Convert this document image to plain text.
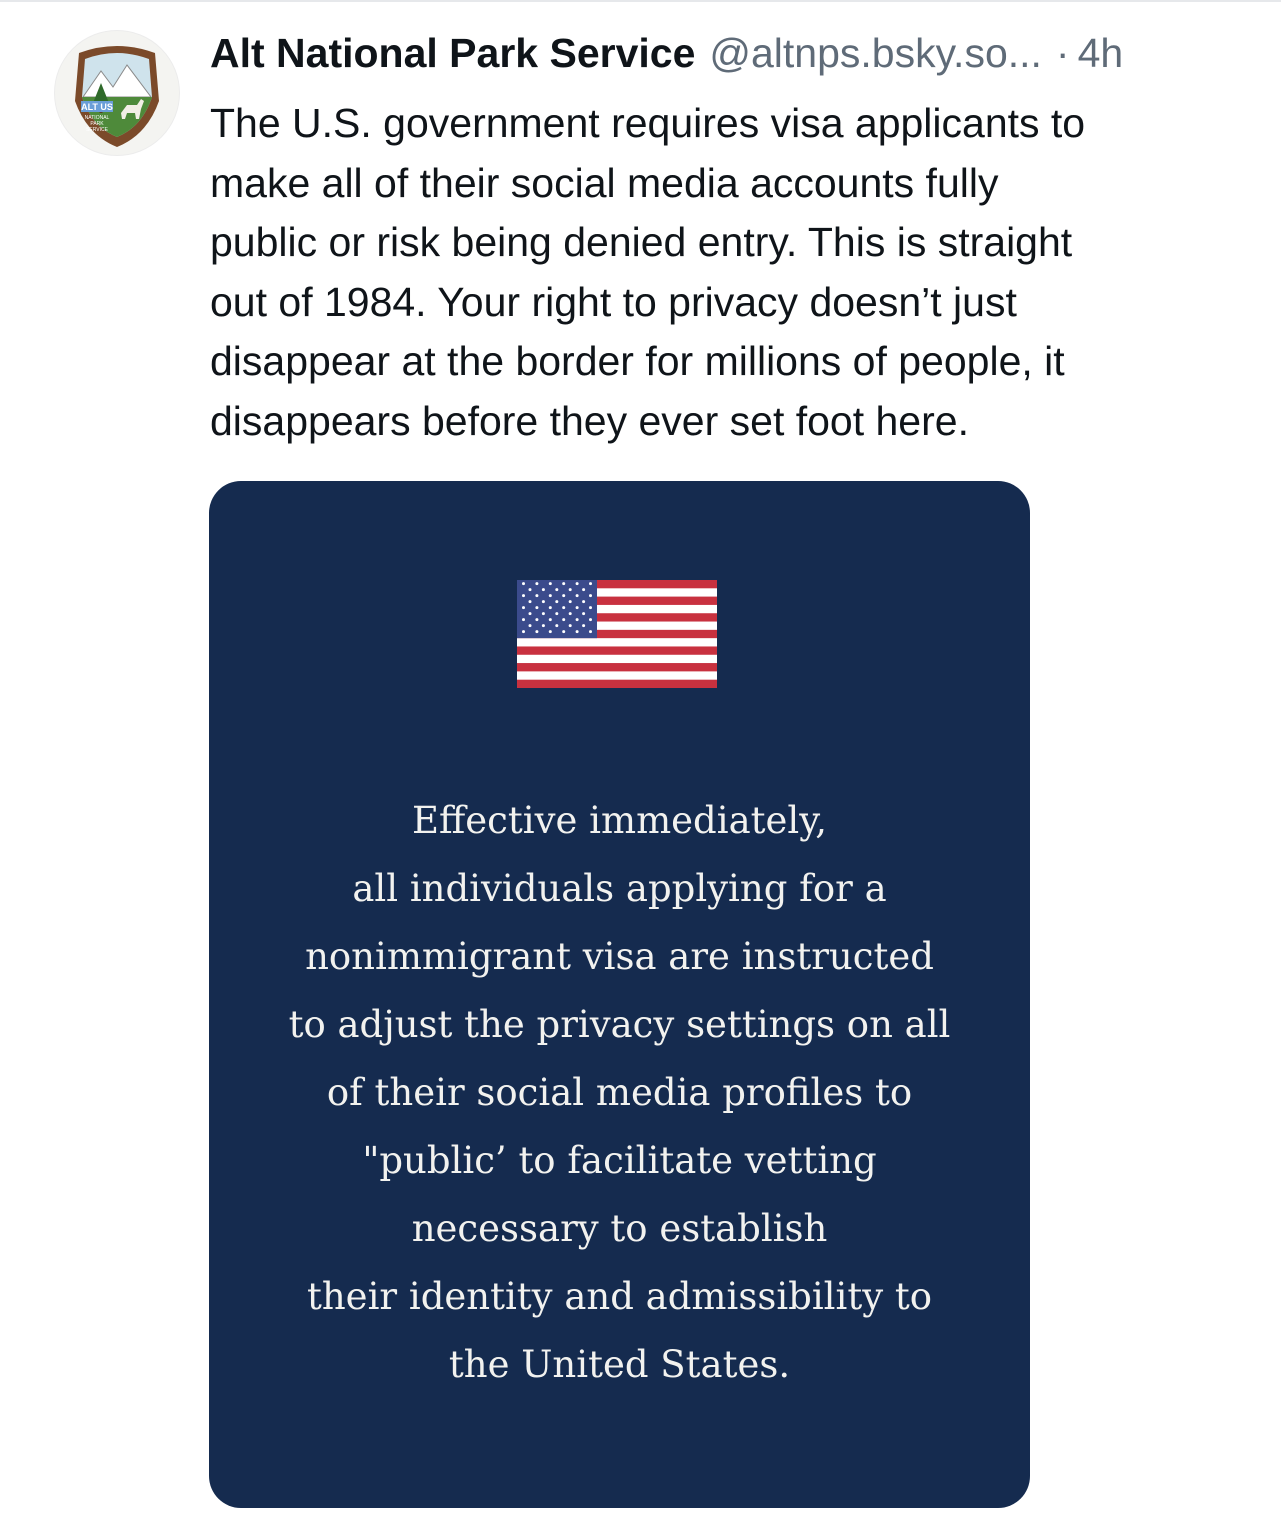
ALT US
NATIONAL
PARK
SERVICE
Alt National Park Service @altnps.bsky.so... · 4h
The U.S. government requires visa applicants to
make all of their social media accounts fully
public or risk being denied entry. This is straight
out of 1984. Your right to privacy doesn’t just
disappear at the border for millions of people, it
disappears before they ever set foot here.
Effective immediately,
all individuals applying for a
nonimmigrant visa are instructed
to adjust the privacy settings on all
of their social media profiles to
"public’ to facilitate vetting
necessary to establish
their identity and admissibility to
the United States.
